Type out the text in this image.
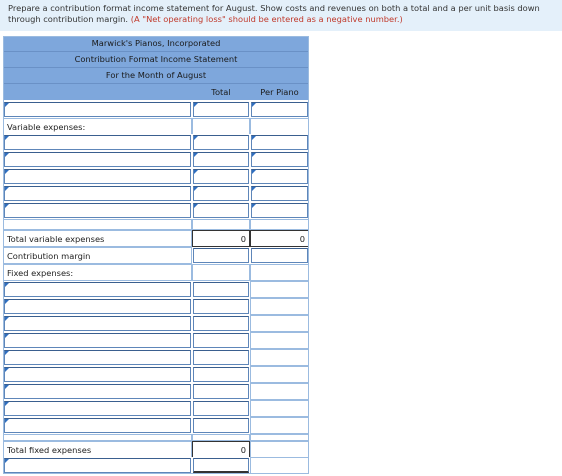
Prepare a contribution format income statement for August. Show costs and revenues on both a total and a per unit basis down through contribution margin. (A "Net operating loss" should be entered as a negative number.)
Marwick's Pianos, Incorporated
Contribution Format Income Statement
For the Month of August
Total	Per Piano
Variable expenses:
Total variable expenses	0	0
Contribution margin
Fixed expenses:
Total fixed expenses	0
